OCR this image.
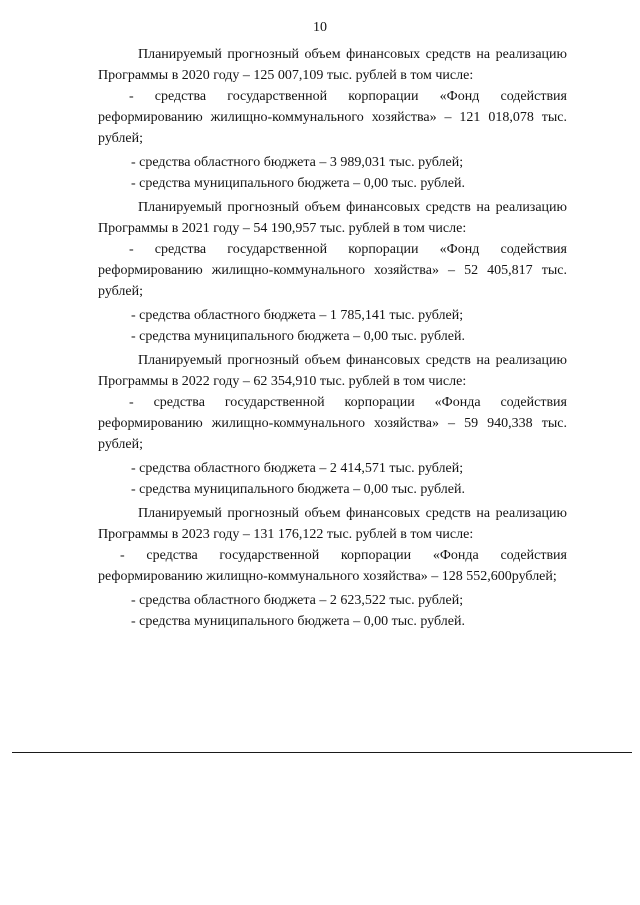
10

Планируемый прогнозный объем финансовых средств на реализацию Программы в 2020 году – 125 007,109 тыс. рублей в том числе:

- средства государственной корпорации «Фонд содействия реформированию жилищно-коммунального хозяйства» – 121 018,078 тыс. рублей;

- средства областного бюджета – 3 989,031 тыс. рублей;

- средства муниципального бюджета – 0,00 тыс. рублей.

Планируемый прогнозный объем финансовых средств на реализацию Программы в 2021 году – 54 190,957 тыс. рублей в том числе:

- средства государственной корпорации «Фонд содействия реформированию жилищно-коммунального хозяйства» – 52 405,817 тыс. рублей;

- средства областного бюджета – 1 785,141 тыс. рублей;

- средства муниципального бюджета – 0,00 тыс. рублей.

Планируемый прогнозный объем финансовых средств на реализацию Программы в 2022 году – 62 354,910 тыс. рублей в том числе:

- средства государственной корпорации «Фонда содействия реформированию жилищно-коммунального хозяйства» – 59 940,338 тыс. рублей;

- средства областного бюджета – 2 414,571 тыс. рублей;

- средства муниципального бюджета – 0,00 тыс. рублей.

Планируемый прогнозный объем финансовых средств на реализацию Программы в 2023 году – 131 176,122 тыс. рублей в том числе:

- средства государственной корпорации «Фонда содействия реформированию жилищно-коммунального хозяйства» – 128 552,600рублей;

- средства областного бюджета – 2 623,522 тыс. рублей;

- средства муниципального бюджета – 0,00 тыс. рублей.
